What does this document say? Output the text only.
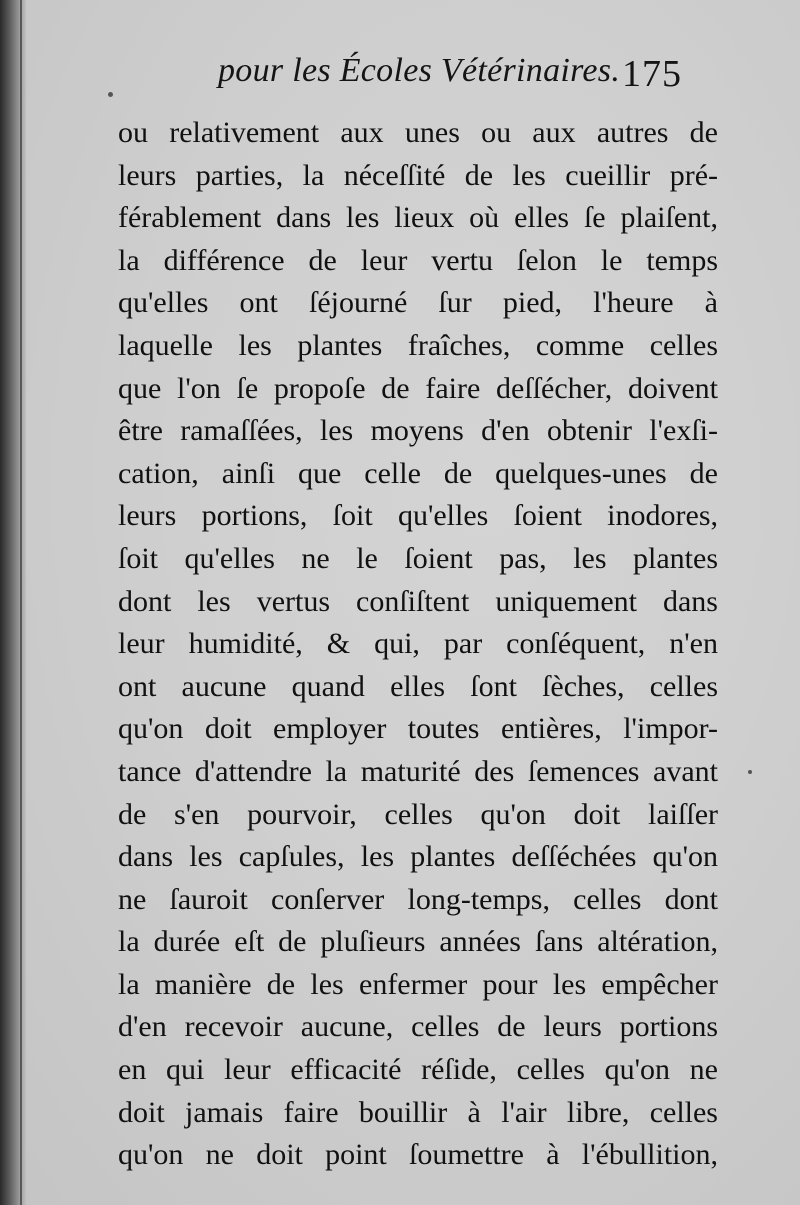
pour les Écoles Vétérinaires. 175
ou relativement aux unes ou aux autres de
leurs parties, la néceſſité de les cueillir pré-
férablement dans les lieux où elles ſe plaiſent,
la différence de leur vertu ſelon le temps
qu'elles ont ſéjourné ſur pied, l'heure à
laquelle les plantes fraîches, comme celles
que l'on ſe propoſe de faire deſſécher, doivent
être ramaſſées, les moyens d'en obtenir l'exſi-
cation, ainſi que celle de quelques-unes de
leurs portions, ſoit qu'elles ſoient inodores,
ſoit qu'elles ne le ſoient pas, les plantes
dont les vertus conſiſtent uniquement dans
leur humidité, & qui, par conſéquent, n'en
ont aucune quand elles ſont ſèches, celles
qu'on doit employer toutes entières, l'impor-
tance d'attendre la maturité des ſemences avant
de s'en pourvoir, celles qu'on doit laiſſer
dans les capſules, les plantes deſſéchées qu'on
ne ſauroit conſerver long-temps, celles dont
la durée eſt de pluſieurs années ſans altération,
la manière de les enfermer pour les empêcher
d'en recevoir aucune, celles de leurs portions
en qui leur efficacité réſide, celles qu'on ne
doit jamais faire bouillir à l'air libre, celles
qu'on ne doit point ſoumettre à l'ébullition,
